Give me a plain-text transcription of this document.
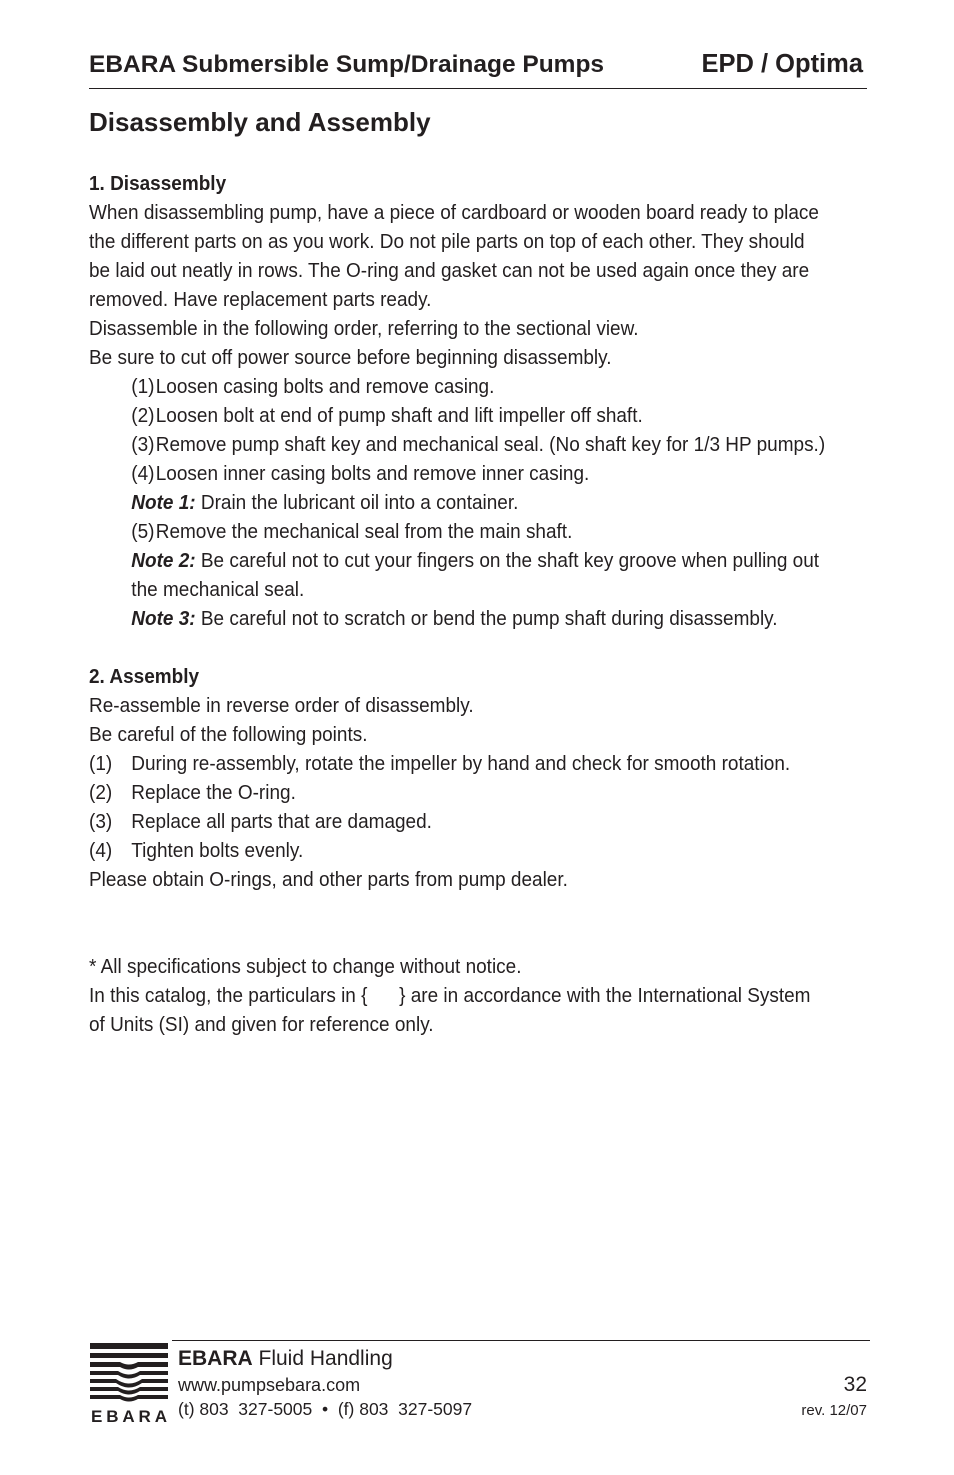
EBARA Submersible Sump/Drainage Pumps	EPD / Optima
Disassembly and Assembly
1. Disassembly
When disassembling pump, have a piece of cardboard or wooden board ready to place
the different parts on as you work. Do not pile parts on top of each other. They should
be laid out neatly in rows. The O-ring and gasket can not be used again once they are
removed. Have replacement parts ready.
Disassemble in the following order, referring to the sectional view.
Be sure to cut off power source before beginning disassembly.
(1)Loosen casing bolts and remove casing.
(2)Loosen bolt at end of pump shaft and lift impeller off shaft.
(3)Remove pump shaft key and mechanical seal. (No shaft key for 1/3 HP pumps.)
(4)Loosen inner casing bolts and remove inner casing.
Note 1: Drain the lubricant oil into a container.
(5)Remove the mechanical seal from the main shaft.
Note 2: Be careful not to cut your fingers on the shaft key groove when pulling out
the mechanical seal.
Note 3: Be careful not to scratch or bend the pump shaft during disassembly.
2. Assembly
Re-assemble in reverse order of disassembly.
Be careful of the following points.
(1) During re-assembly, rotate the impeller by hand and check for smooth rotation.
(2) Replace the O-ring.
(3) Replace all parts that are damaged.
(4) Tighten bolts evenly.
Please obtain O-rings, and other parts from pump dealer.
* All specifications subject to change without notice.
In this catalog, the particulars in {      } are in accordance with the International System
of Units (SI) and given for reference only.
EBARA
EBARA Fluid Handling
www.pumpsebara.com
(t) 803  327-5005  •  (f) 803  327-5097
32
rev. 12/07
